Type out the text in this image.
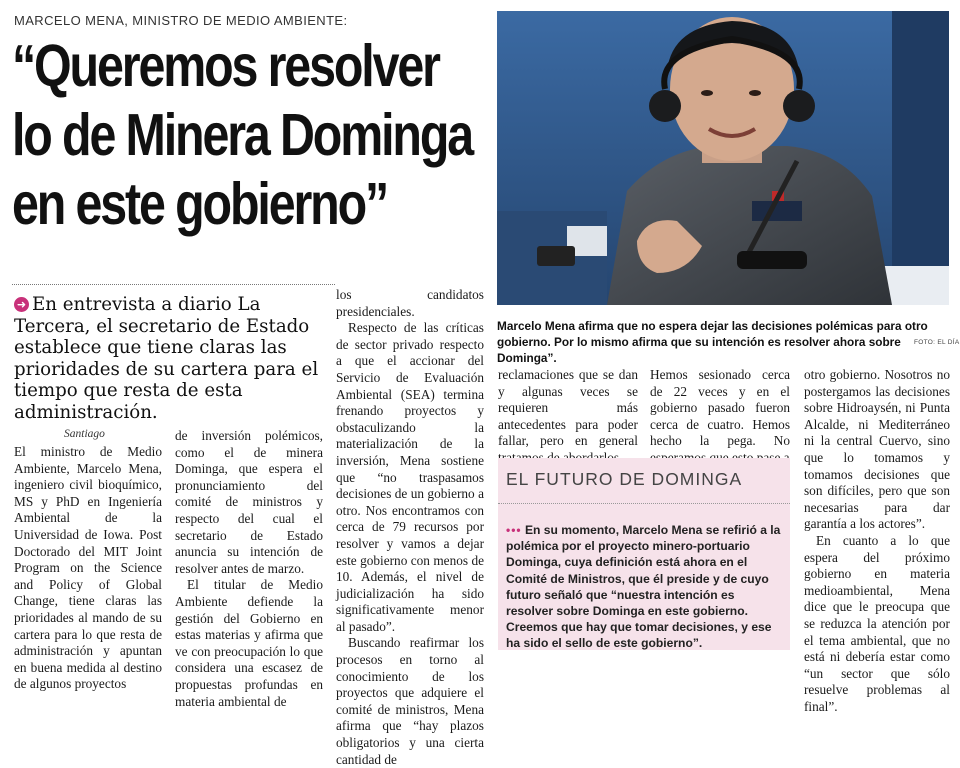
MARCELO MENA, MINISTRO DE MEDIO AMBIENTE:
“Queremos resolver
lo de Minera Dominga
en este gobierno”
➜ En entrevista a diario La Tercera, el secretario de Estado establece que tiene claras las prioridades de su cartera para el tiempo que resta de esta administración.
Santiago

El ministro de Medio Ambiente, Marcelo Mena, ingeniero civil bioquímico, MS y PhD en Ingeniería Ambiental de la Universidad de Iowa. Post Doctorado del MIT Joint Program on the Science and Policy of Global Change, tiene claras las prioridades al mando de su cartera para lo que resta de administración y apuntan en buena medida al destino de algunos proyectos

de inversión polémicos, como el de minera Dominga, que espera el pronunciamiento del comité de ministros y respecto del cual el secretario de Estado anuncia su intención de resolver antes de marzo.

El titular de Medio Ambiente defiende la gestión del Gobierno en estas materias y afirma que ve con preocupación lo que considera una escasez de propuestas profundas en materia ambiental de

los candidatos presidenciales.

Respecto de las críticas de sector privado respecto a que el accionar del Servicio de Evaluación Ambiental (SEA) termina frenando proyectos y obstaculizando la materialización de la inversión, Mena sostiene que “no traspasamos decisiones de un gobierno a otro. Nos encontramos con cerca de 79 recursos por resolver y vamos a dejar este gobierno con menos de 10. Además, el nivel de judicialización ha sido significativamente menor al pasado”.

Buscando reafirmar los procesos en torno al conocimiento de los proyectos que adquiere el comité de ministros, Mena afirma que “hay plazos obligatorios y una cierta cantidad de

reclamaciones que se dan y algunas veces se requieren más antecedentes para poder fallar, pero en general

Hemos sesionado cerca de 22 veces y en el gobierno pasado fueron cerca de cuatro. Hemos hecho la pega. No

otro gobierno. Nosotros no postergamos las decisiones sobre Hidroaysén, ni Punta Alcalde, ni Mediterráneo ni la central Cuervo, sino que lo tomamos y tomamos decisiones que son difíciles, pero que son necesarias para dar garantía a los actores”.

En cuanto a lo que espera del próximo gobierno en materia medioambiental, Mena dice que le preocupa que se reduzca la atención por el tema ambiental, que no está ni debería estar como “un sector que sólo resuelve problemas al final”.

Marcelo Mena afirma que no espera dejar las decisiones polémicas para otro gobierno. Por lo mismo afirma que su intención es resolver ahora sobre Dominga”.
FOTO: EL DÍA
EL FUTURO DE DOMINGA
••• En su momento, Marcelo Mena se refirió a la polémica por el proyecto minero-portuario Dominga, cuya definición está ahora en el Comité de Ministros, que él preside y de cuyo futuro señaló que “nuestra intención es resolver sobre Dominga en este gobierno. Creemos que hay que tomar decisiones, y ese ha sido el sello de este gobierno”.
